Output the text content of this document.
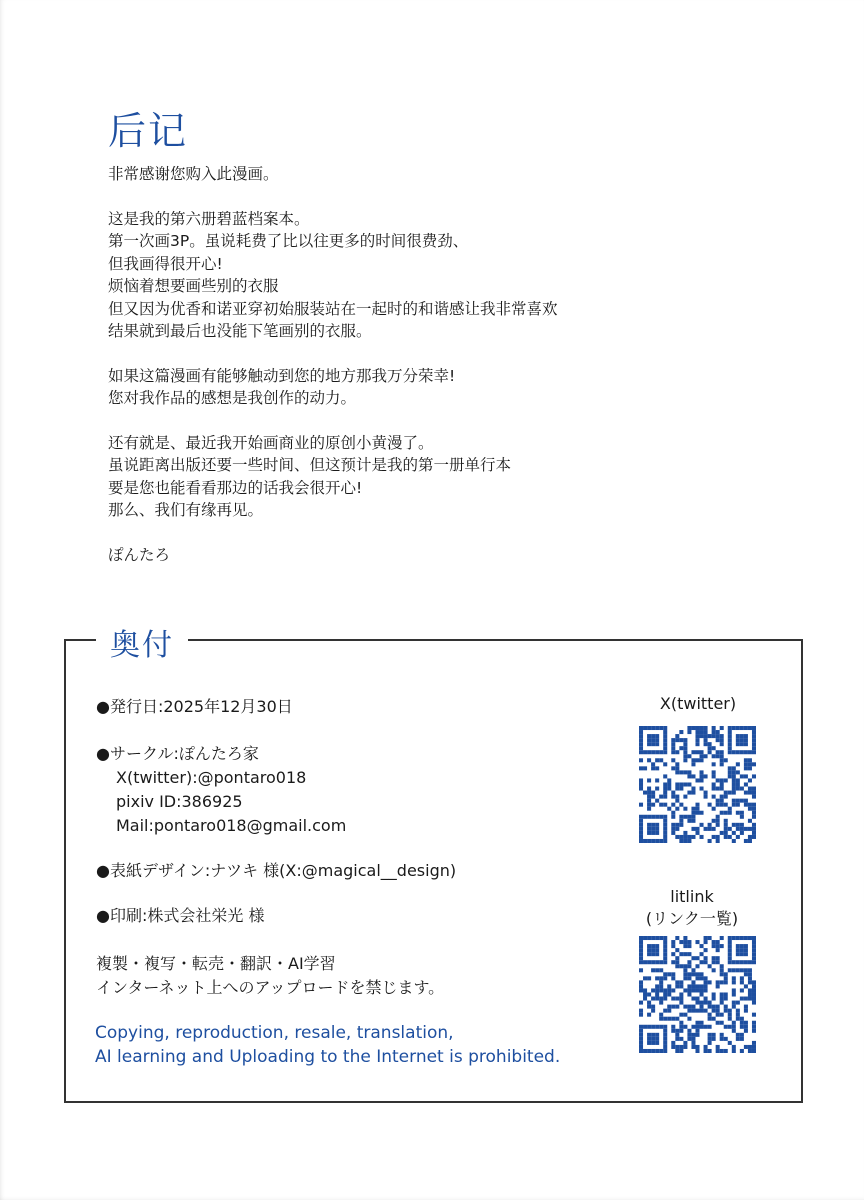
后记
非常感谢您购入此漫画。
这是我的第六册碧蓝档案本。
第一次画3P。虽说耗费了比以往更多的时间很费劲、
但我画得很开心!
烦恼着想要画些别的衣服
但又因为优香和诺亚穿初始服装站在一起时的和谐感让我非常喜欢
结果就到最后也没能下笔画别的衣服。
如果这篇漫画有能够触动到您的地方那我万分荣幸!
您对我作品的感想是我创作的动力。
还有就是、最近我开始画商业的原创小黄漫了。
虽说距离出版还要一些时间、但这预计是我的第一册单行本
要是您也能看看那边的话我会很开心!
那么、我们有缘再见。
ぽんたろ
奥付
●発行日:2025年12月30日
●サークル:ぽんたろ家
X(twitter):@pontaro018
pixiv ID:386925
Mail:pontaro018@gmail.com
●表紙デザイン:ナツキ 様(X:@magical__design)
●印刷:株式会社栄光 様
複製・複写・転売・翻訳・AI学習
インターネット上へのアップロードを禁じます。
Copying, reproduction, resale, translation,
AI learning and Uploading to the Internet is prohibited.
X(twitter)
litlink
(リンク一覧)
